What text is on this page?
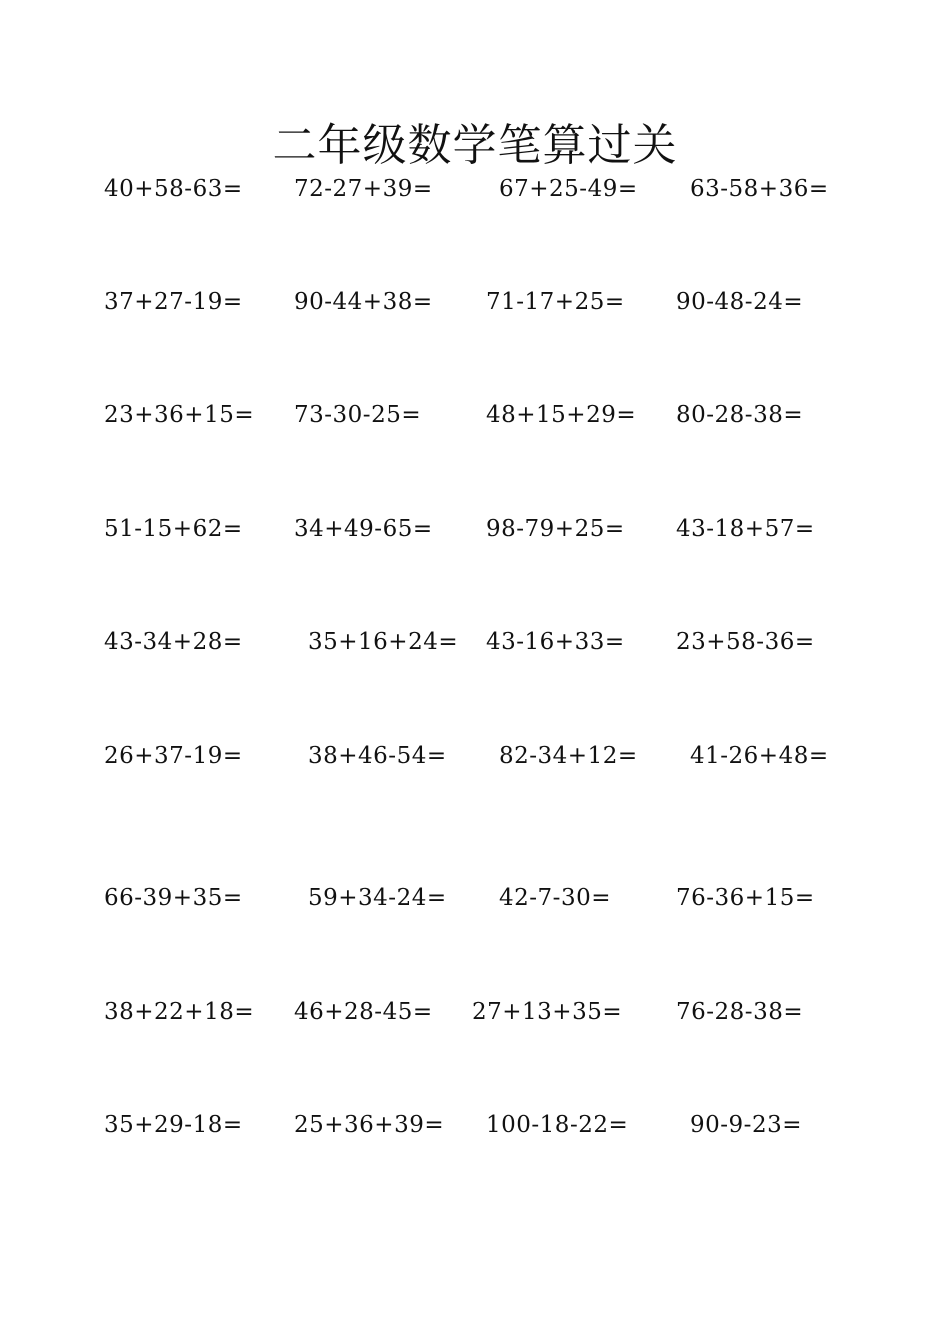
二年级数学笔算过关
40+58-63= 72-27+39=	67+25-49= 63-58+36=
37+27-19= 90-44+38= 71-17+25= 90-48-24=
23+36+15= 73-30-25=	48+15+29= 80-28-38=
51-15+62= 34+49-65= 98-79+25= 43-18+57=
43-34+28=	35+16+24= 43-16+33= 23+58-36=
26+37-19=	38+46-54= 82-34+12= 41-26+48=
66-39+35=	59+34-24= 42-7-30=	76-36+15=
38+22+18= 46+28-45= 27+13+35= 76-28-38=
35+29-18= 25+36+39= 100-18-22=	90-9-23=
